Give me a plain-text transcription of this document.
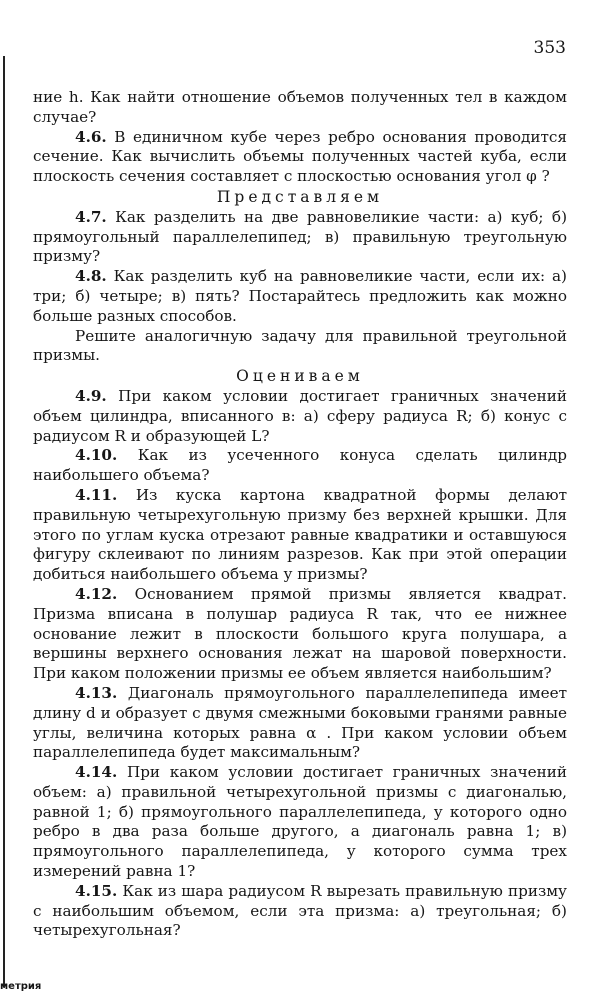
353

ние h. Как найти отношение объемов полученных тел в каждом случае?

4.6. В единичном кубе через ребро основания проводится сечение. Как вычислить объемы полученных частей куба, если плоскость сечения составляет с плоскостью основания угол φ ?

Представляем

4.7. Как разделить на две равновеликие части: а) куб; б) прямоугольный параллелепипед; в) правильную треугольную призму?

4.8. Как разделить куб на равновеликие части, если их: а) три; б) четыре; в) пять? Постарайтесь предложить как можно больше разных способов.

Решите аналогичную задачу для правильной треугольной призмы.

Оцениваем

4.9. При каком условии достигает граничных значений объем цилиндра, вписанного в: а) сферу радиуса R; б) конус с радиусом R и образующей L?

4.10. Как из усеченного конуса сделать цилиндр наибольшего объема?

4.11. Из куска картона квадратной формы делают правильную четырехугольную призму без верхней крышки. Для этого по углам куска отрезают равные квадратики и оставшуюся фигуру склеивают по линиям разрезов. Как при этой операции добиться наибольшего объема у призмы?

4.12. Основанием прямой призмы является квадрат. Призма вписана в полушар радиуса R так, что ее нижнее основание лежит в плоскости большого круга полушара, а вершины верхнего основания лежат на шаровой поверхности. При каком положении призмы ее объем является наибольшим?

4.13. Диагональ прямоугольного параллелепипеда имеет длину d и образует с двумя смежными боковыми гранями равные углы, величина которых равна α . При каком условии объем параллелепипеда будет максимальным?

4.14. При каком условии достигает граничных значений объем: а) правильной четырехугольной призмы с диагональю, равной 1; б) прямоугольного параллелепипеда, у которого одно ребро в два раза больше другого, а диагональ равна 1; в) прямоугольного параллелепипеда, у которого сумма трех измерений равна 1?

4.15. Как из шара радиусом R вырезать правильную призму с наибольшим объемом, если эта призма: а) треугольная; б) четырехугольная?

метрия
